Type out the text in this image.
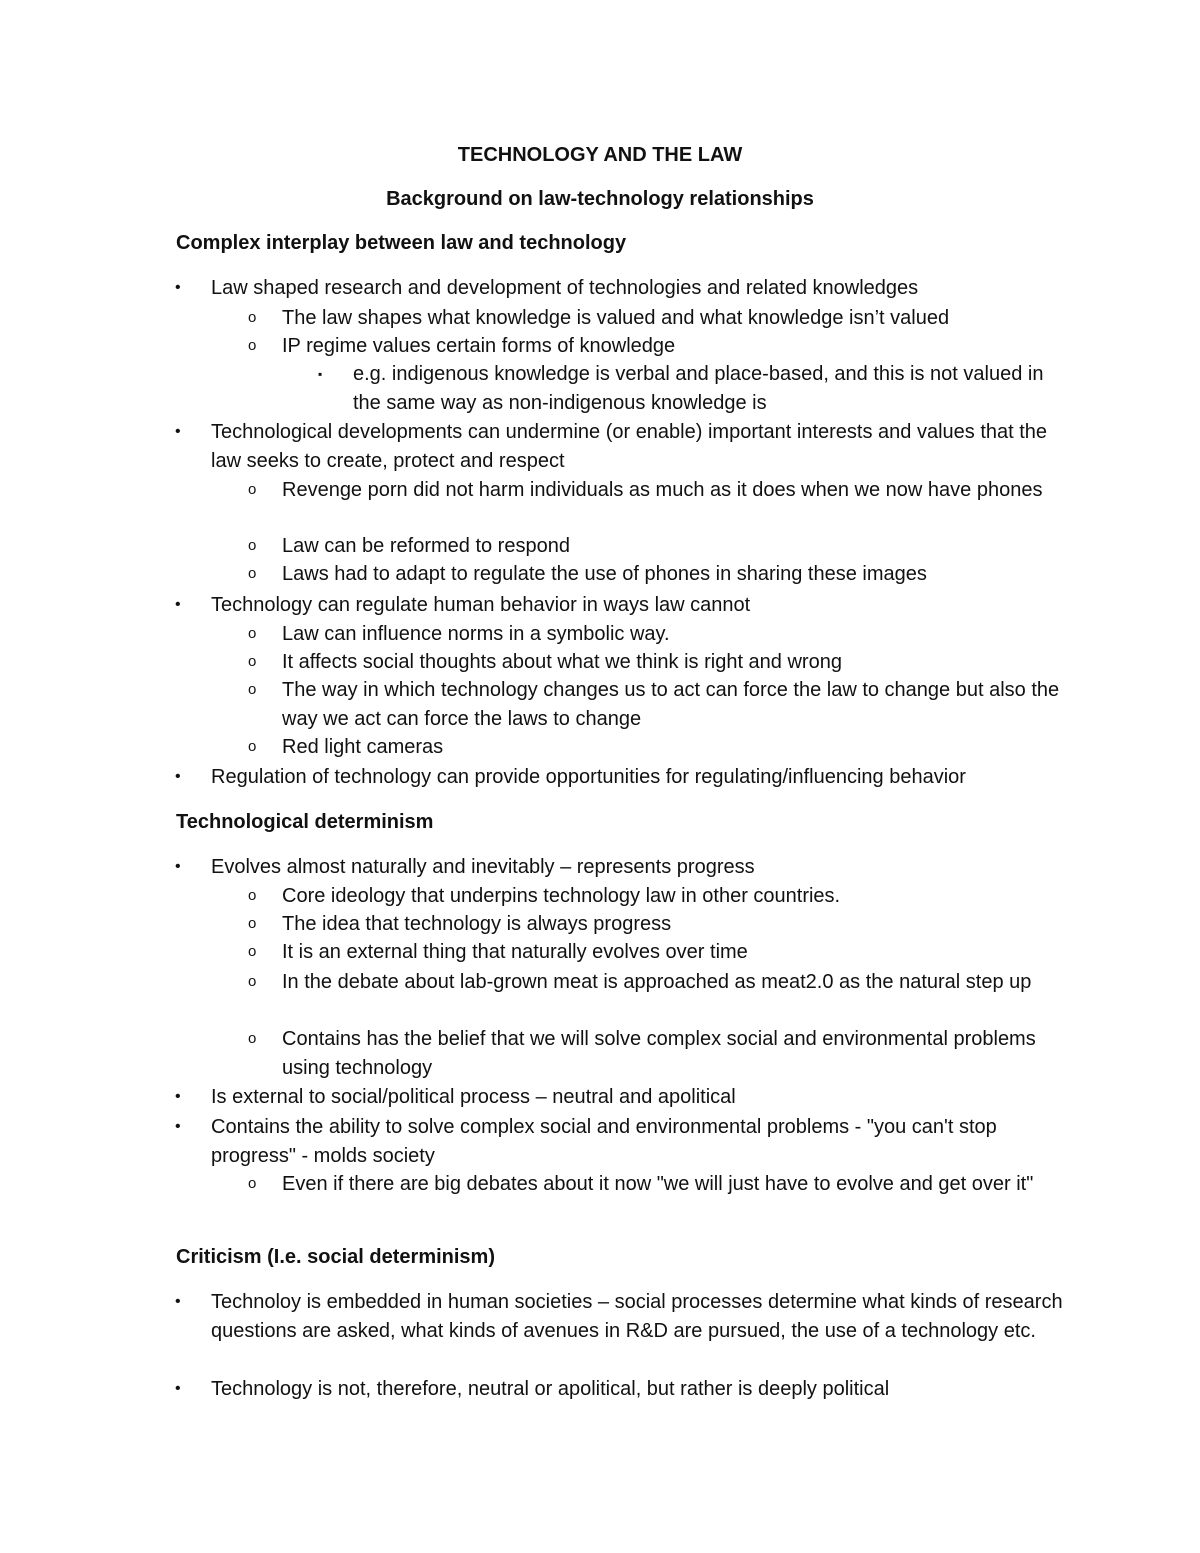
TECHNOLOGY AND THE LAW
Background on law-technology relationships
Complex interplay between law and technology
• Law shaped research and development of technologies and related knowledges
o The law shapes what knowledge is valued and what knowledge isn’t valued
o IP regime values certain forms of knowledge
▪ e.g. indigenous knowledge is verbal and place-based, and this is not valued in the same way as non-indigenous knowledge is
• Technological developments can undermine (or enable) important interests and values that the law seeks to create, protect and respect
o Revenge porn did not harm individuals as much as it does when we now have phones
o Law can be reformed to respond
o Laws had to adapt to regulate the use of phones in sharing these images
• Technology can regulate human behavior in ways law cannot
o Law can influence norms in a symbolic way.
o It affects social thoughts about what we think is right and wrong
o The way in which technology changes us to act can force the law to change but also the way we act can force the laws to change
o Red light cameras
• Regulation of technology can provide opportunities for regulating/influencing behavior
Technological determinism
• Evolves almost naturally and inevitably – represents progress
o Core ideology that underpins technology law in other countries.
o The idea that technology is always progress
o It is an external thing that naturally evolves over time
o In the debate about lab-grown meat is approached as meat2.0 as the natural step up
o Contains has the belief that we will solve complex social and environmental problems using technology
• Is external to social/political process – neutral and apolitical
• Contains the ability to solve complex social and environmental problems - "you can't stop progress" - molds society
o Even if there are big debates about it now "we will just have to evolve and get over it"
Criticism (I.e. social determinism)
• Technoloy is embedded in human societies – social processes determine what kinds of research questions are asked, what kinds of avenues in R&D are pursued, the use of a technology etc.
• Technology is not, therefore, neutral or apolitical, but rather is deeply political
